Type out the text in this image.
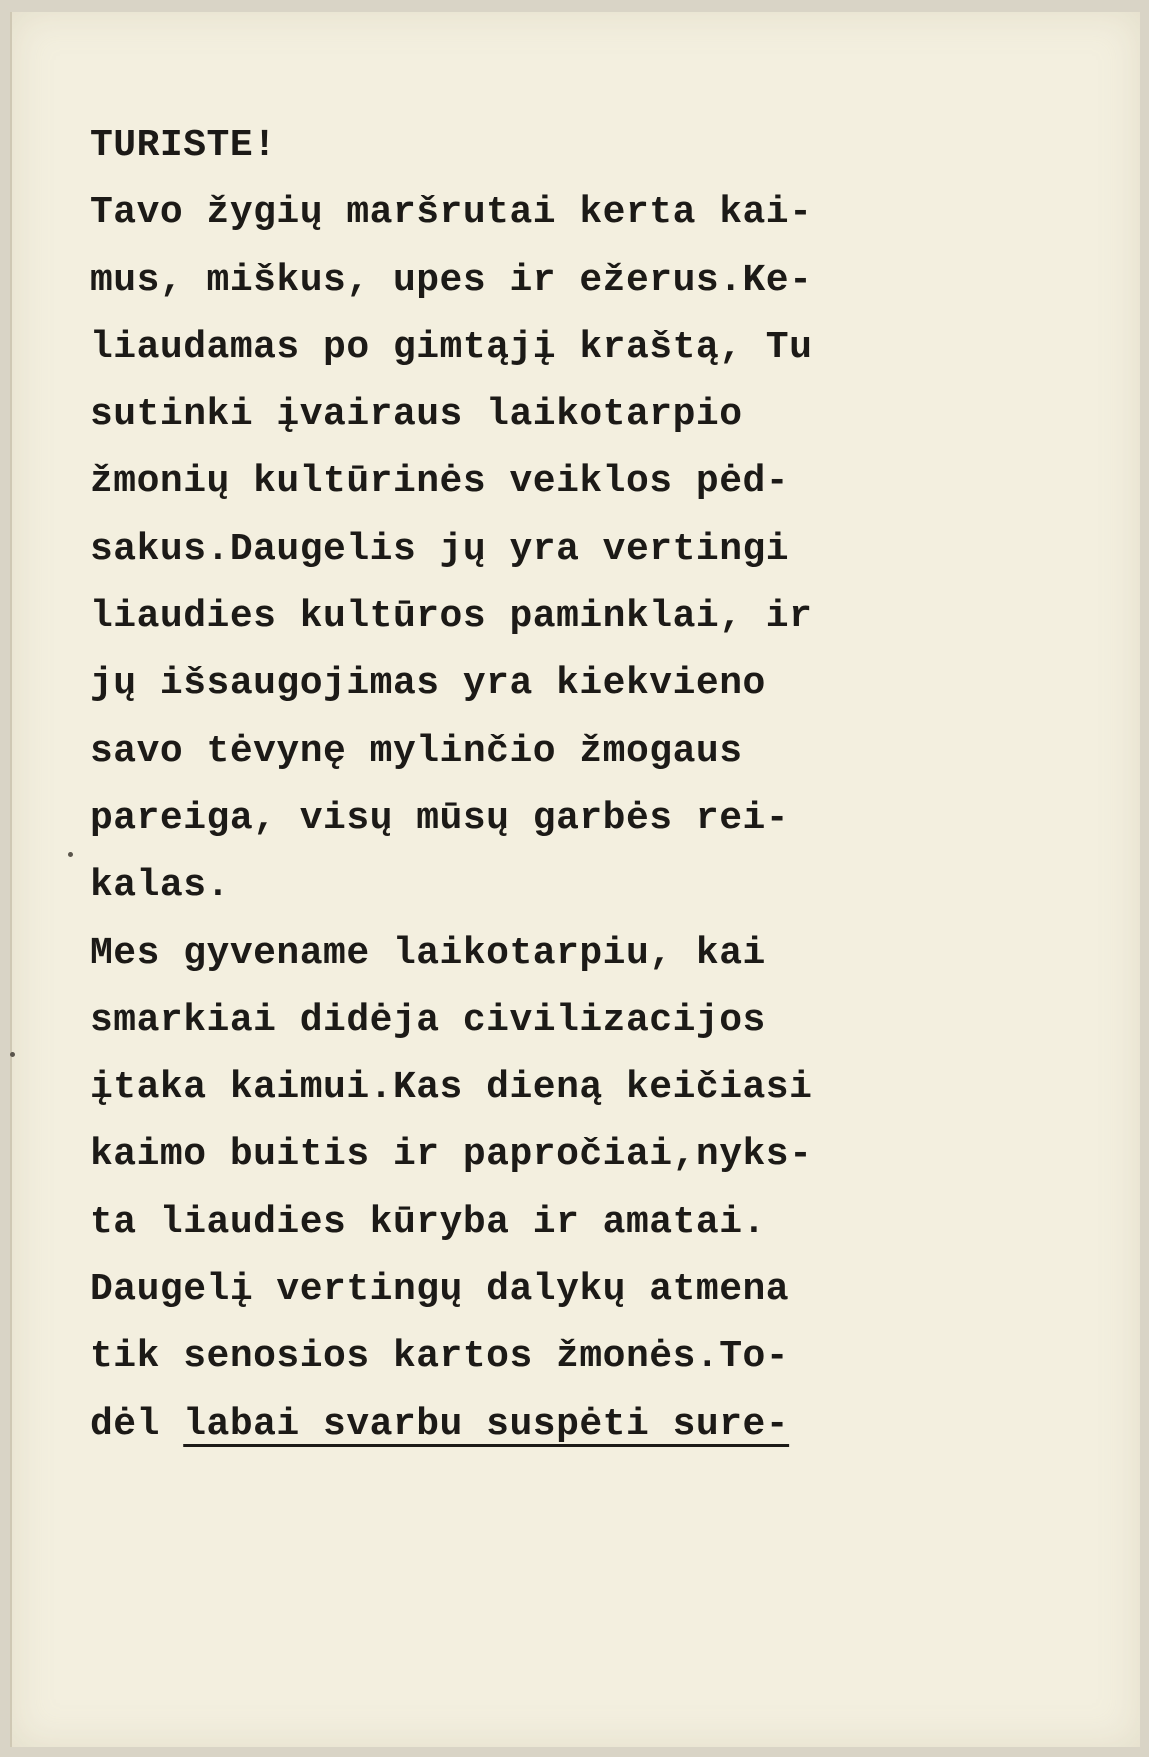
TURISTE!
Tavo žygių maršrutai kerta kai-
mus, miškus, upes ir ežerus.Ke-
liaudamas po gimtąjį kraštą, Tu
sutinki įvairaus laikotarpio
žmonių kultūrinės veiklos pėd-
sakus.Daugelis jų yra vertingi
liaudies kultūros paminklai, ir
jų išsaugojimas yra kiekvieno
savo tėvynę mylinčio žmogaus
pareiga, visų mūsų garbės rei-
kalas.
Mes gyvename laikotarpiu, kai
smarkiai didėja civilizacijos
įtaka kaimui.Kas dieną keičiasi
kaimo buitis ir papročiai,nyks-
ta liaudies kūryba ir amatai.
Daugelį vertingų dalykų atmena
tik senosios kartos žmonės.To-
dėl labai svarbu suspėti sure-
